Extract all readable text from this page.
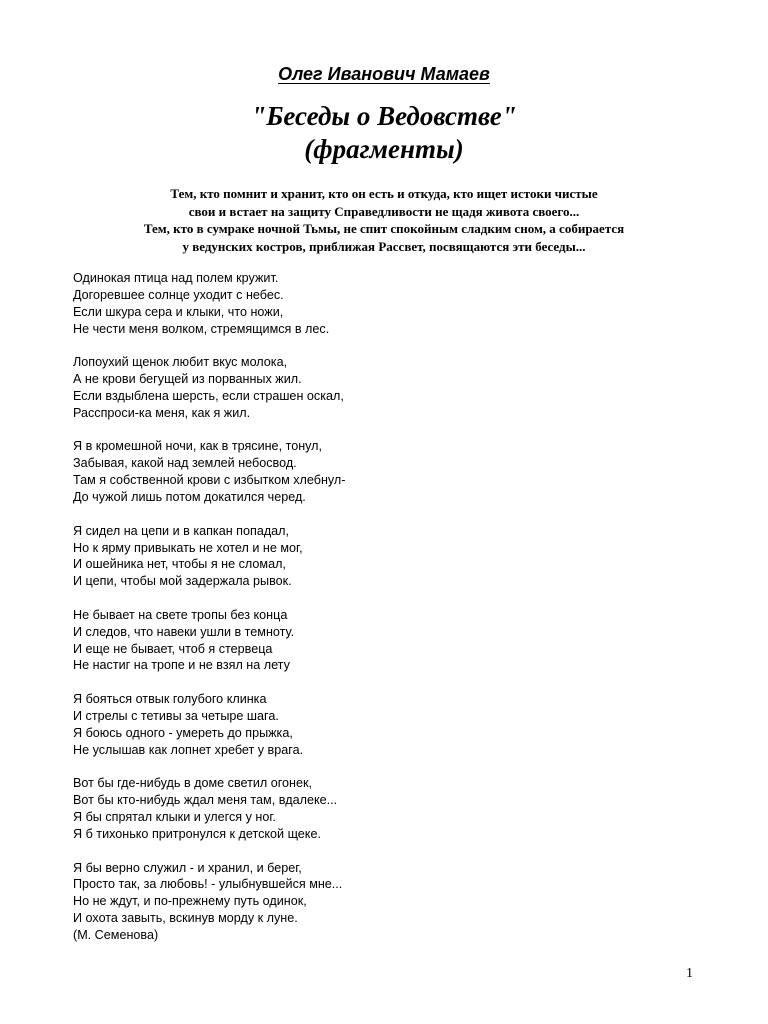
Олег Иванович Мамаев
"Беседы о Ведовстве"
(фрагменты)
Тем, кто помнит и хранит, кто он есть и откуда, кто ищет истоки чистые
свои и встает на защиту Справедливости не щадя живота своего...
Тем, кто в сумраке ночной Тьмы, не спит спокойным сладким сном, а собирается
у ведунских костров, приближая Рассвет, посвящаются эти беседы...
Одинокая птица над полем кружит.
Догоревшее солнце уходит с небес.
Если шкура сера и клыки, что ножи,
Не чести меня волком, стремящимся в лес.
Лопоухий щенок любит вкус молока,
А не крови бегущей из порванных жил.
Если вздыблена шерсть, если страшен оскал,
Расспроси-ка меня, как я жил.
Я в кромешной ночи, как в трясине, тонул,
Забывая, какой над землей небосвод.
Там я собственной крови с избытком хлебнул-
До чужой лишь потом докатился черед.
Я сидел на цепи и в капкан попадал,
Но к ярму привыкать не хотел и не мог,
И ошейника нет, чтобы я не сломал,
И цепи, чтобы мой задержала рывок.
Не бывает на свете тропы без конца
И следов, что навеки ушли в темноту.
И еще не бывает, чтоб я стервеца
Не настиг на тропе и не взял на лету
Я бояться отвык голубого клинка
И стрелы с тетивы за четыре шага.
Я боюсь одного - умереть до прыжка,
Не услышав как лопнет хребет у врага.
Вот бы где-нибудь в доме светил огонек,
Вот бы кто-нибудь ждал меня там, вдалеке...
Я бы спрятал клыки и улегся у ног.
Я б тихонько притронулся к детской щеке.
Я бы верно служил - и хранил, и берег,
Просто так, за любовь! - улыбнувшейся мне...
Но не ждут, и по-прежнему путь одинок,
И охота завыть, вскинув морду к луне.
(М. Семенова)
1
